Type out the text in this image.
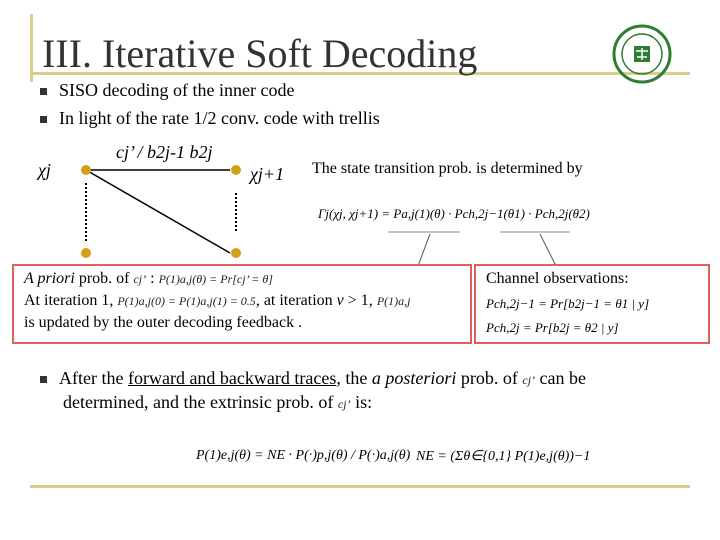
III. Iterative Soft Decoding
SISO decoding of the inner code
In light of the rate 1/2 conv. code with trellis
χj	χj+1
cj’ / b2j-1 b2j
The state transition prob. is determined by
Γj(χj, χj+1) = Pa,j(1)(θ) · Pch,2j−1(θ1) · Pch,2j(θ2)
A priori prob. of cj’ : P(1)a,j(θ) = Pr[cj’ = θ]
At iteration 1, P(1)a,j(0) = P(1)a,j(1) = 0.5, at iteration v > 1, P(1)a,j
is updated by the outer decoding feedback .
Channel observations:
Pch,2j−1 = Pr[b2j−1 = θ1 | y]
Pch,2j = Pr[b2j = θ2 | y]
After the forward and backward traces, the a posteriori prob. of cj’ can be
determined, and the extrinsic prob. of cj’ is:
P(1)e,j(θ) = NE · P(·)p,j(θ) / P(·)a,j(θ) NE = (Σθ∈{0,1} P(1)e,j(θ))−1
